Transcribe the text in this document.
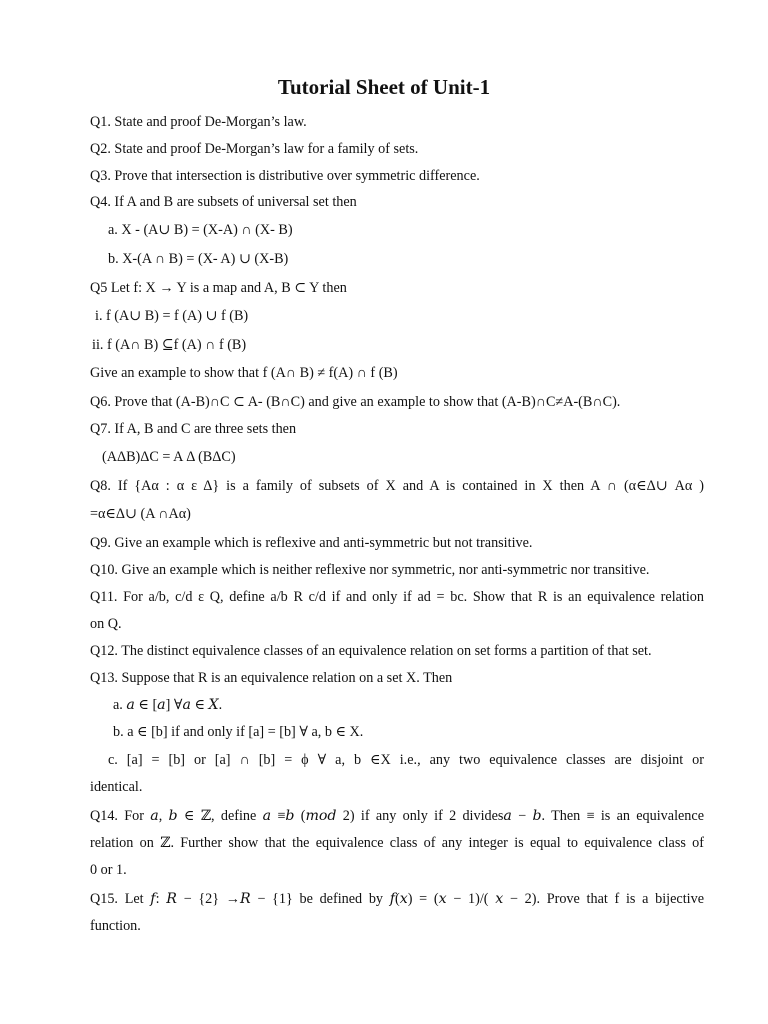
Tutorial Sheet of Unit-1
Q1. State and proof De-Morgan’s law.
Q2. State and proof De-Morgan’s law for a family of sets.
Q3. Prove that intersection is distributive over symmetric difference.
Q4. If A and B are subsets of universal set then
a. X - (A∪ B) = (X-A) ∩ (X- B)
b. X-(A ∩ B) = (X- A) ∪ (X-B)
Q5 Let f: X → Y is a map and A, B ⊂ Y then
i. f (A∪ B) = f (A) ∪ f (B)
ii. f (A∩ B) ⊆f (A) ∩ f (B)
Give an example to show that f (A∩ B) ≠ f(A) ∩ f (B)
Q6. Prove that (A-B)∩C ⊂ A- (B∩C) and give an example to show that (A-B)∩C≠A-(B∩C).
Q7. If A, B and C are three sets then
(AΔB)ΔC = A Δ (BΔC)
Q8. If {Aα : α ε Δ} is a family of subsets of X and A is contained in X then A ∩ (α∈Δ∪ Aα )
=α∈Δ∪ (A ∩Aα)
Q9. Give an example which is reflexive and anti-symmetric but not transitive.
Q10. Give an example which is neither reflexive nor symmetric, nor anti-symmetric nor transitive.
Q11. For a/b, c/d ε Q, define a/b R c/d if and only if ad = bc. Show that R is an equivalence relation
on Q.
Q12. The distinct equivalence classes of an equivalence relation on set forms a partition of that set.
Q13. Suppose that R is an equivalence relation on a set X. Then
a. 𝑎 ∈ [𝑎] ∀𝑎 ∈ 𝑋.
b. a ∈ [b] if and only if [a] = [b] ∀ a, b ∈ X.
c. [a] = [b] or [a] ∩ [b] = ϕ ∀ a, b ∈X i.e., any two equivalence classes are disjoint or
identical.
Q14. For 𝑎, 𝑏 ∈ ℤ, define 𝑎 ≡𝑏 (𝑚𝑜𝑑 2) if any only if 2 divides𝑎 − 𝑏. Then ≡ is an equivalence
relation on ℤ. Further show that the equivalence class of any integer is equal to equivalence class of
0 or 1.
Q15. Let 𝑓: 𝑅 − {2} →𝑅 − {1} be defined by 𝑓(𝑥) = (𝑥 − 1)/( 𝑥 − 2). Prove that f is a bijective
function.
